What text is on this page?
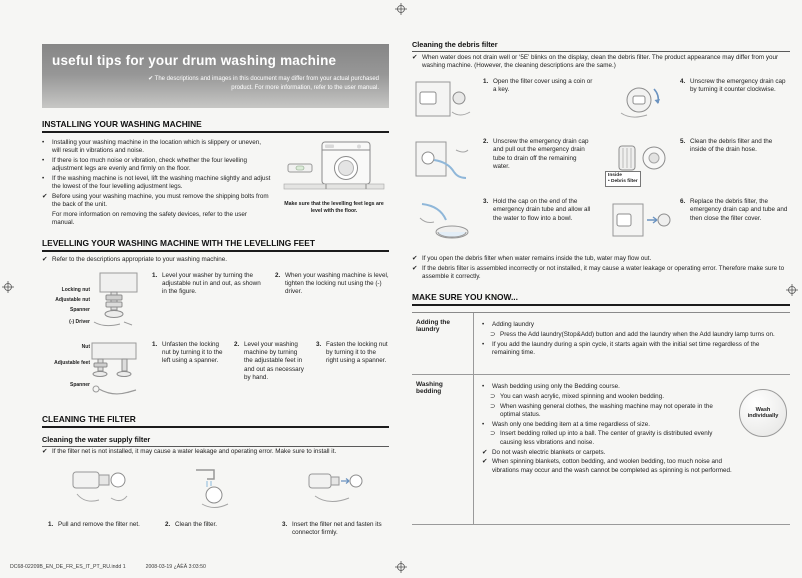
useful tips for your drum washing machine
✔ The descriptions and images in this document may differ from your actual purchased product. For more information, refer to the user manual.
INSTALLING YOUR WASHING MACHINE
•	Installing your washing machine in the location which is slippery or uneven, will result in vibrations and noise.
•	If there is too much noise or vibration, check whether the four levelling adjustment legs are evenly and firmly on the floor.
•	If the washing machine is not level, lift the washing machine slightly and adjust the lowest of the four levelling adjustment legs.
✔ Before using your washing machine, you must remove the shipping bolts from the back of the unit.
For more information on removing the safety devices, refer to the user manual.
Make sure that the levelling feet legs are level with the floor.
LEVELLING YOUR WASHING MACHINE WITH THE LEVELLING FEET
✔ Refer to the descriptions appropriate to your washing machine.
Locking nut
Adjustable nut
Spanner
(-) Driver
1. Level your washer by turning the adjustable nut in and out, as shown in the figure.
2. When your washing machine is level, tighten the locking nut using the (-) driver.
Nut
Adjustable feet
Spanner
1. Unfasten the locking nut by turning it to the left using a spanner.
2. Level your washing machine by turning the adjustable feet in and out as necessary by hand.
3. Fasten the locking nut by turning it to the right using a spanner.
CLEANING THE FILTER
Cleaning the water supply filter
✔ If the filter net is not installed, it may cause a water leakage and operating error. Make sure to install it.
1. Pull and remove the filter net.	2. Clean the filter.	3. Insert the filter net and fasten its connector firmly.
Cleaning the debris filter
✔ When water does not drain well or ‘5E’ blinks on the display, clean the debris filter. The product appearance may differ from your washing machine. (However, the cleaning descriptions are the same.)
1. Open the filter cover using a coin or a key.
2. Unscrew the emergency drain cap and pull out the emergency drain tube to drain off the remaining water.
3. Hold the cap on the end of the emergency drain tube and allow all the water to flow into a bowl.
4. Unscrew the emergency drain cap by turning it counter clockwise.
Inside
• Debris filter
5. Clean the debris filter and the inside of the drain hose.
6. Replace the debris filter, the emergency drain cap and tube and then close the filter cover.
✔ If you open the debris filter when water remains inside the tub, water may flow out.
✔ If the debris filter is assembled incorrectly or not installed, it may cause a water leakage or operating error. Therefore make sure to assemble it correctly.
MAKE SURE YOU KNOW...
Adding the laundry
•	Adding laundry
⊃ Press the Add laundry(Stop&Add) button and add the laundry when the Add laundry lamp turns on.
•	If you add the laundry during a spin cycle, it starts again with the initial set time regardless of the remaining time.
Washing bedding
•	Wash bedding using only the Bedding course.
⊃ You can wash acrylic, mixed spinning and woolen bedding.
⊃ When washing general clothes, the washing machine may not operate in the optimal status.
•	Wash only one bedding item at a time regardless of size.
⊃ Insert bedding rolled up into a ball. The center of gravity is distributed evenly causing less vibrations and noise.
✔ Do not wash electric blankets or carpets.
✔ When spinning blankets, cotton bedding, and woolen bedding, too much noise and vibrations may occur and the wash cannot be completed as spinning is not performed.
Wash individually
DC68-02209B_EN_DE_FR_ES_IT_PT_RU.indd 1	2008-03-19 ¿ÀÈÄ 3:03:50
